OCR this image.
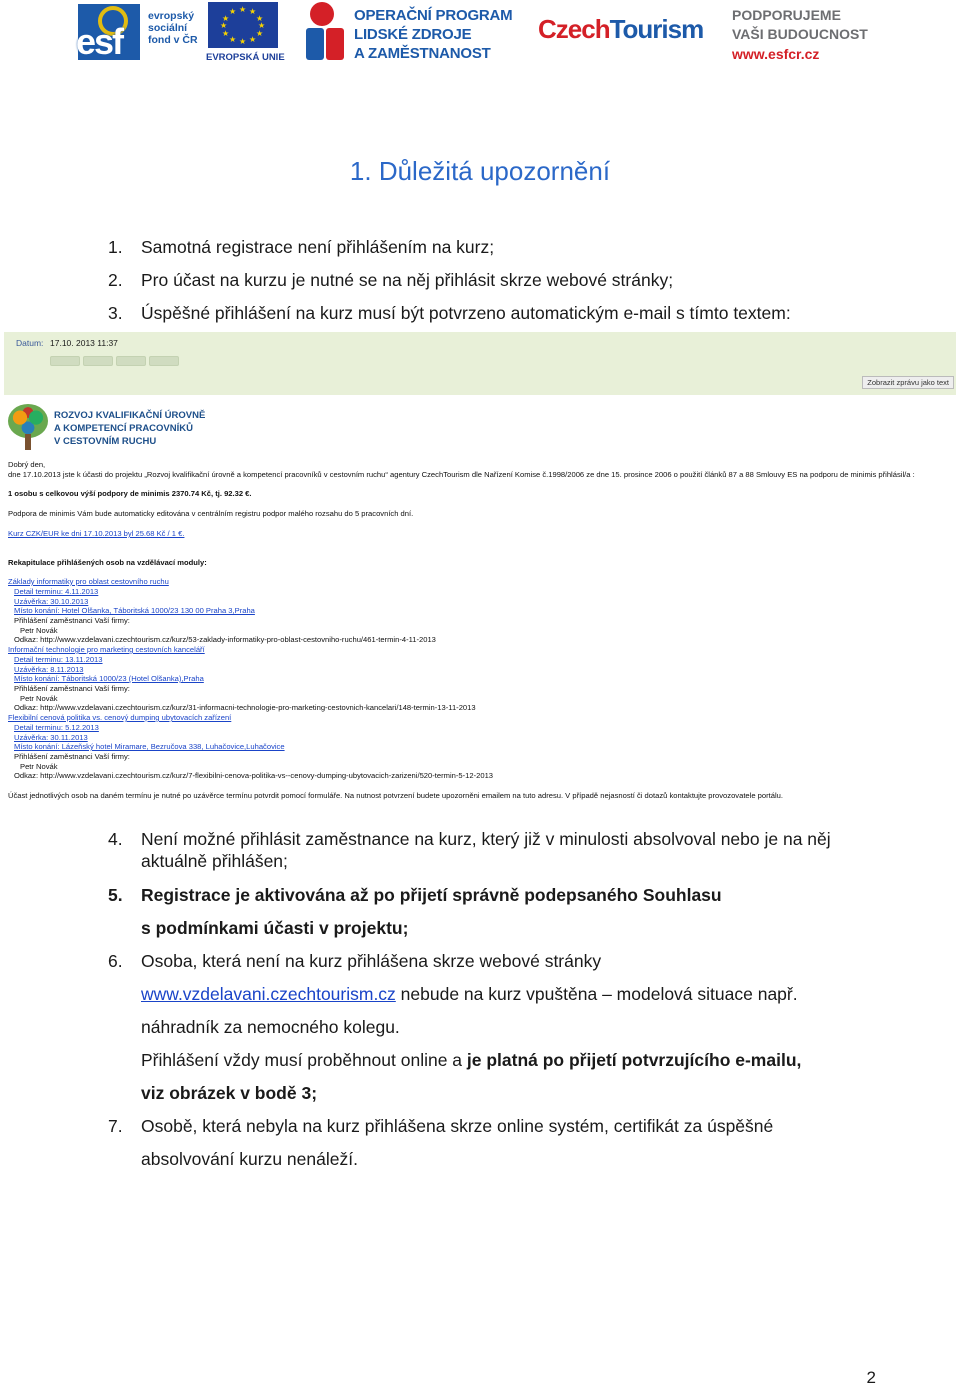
esf
evropský
sociální
fond v ČR
★ ★
★
★
★
★
★
★
★
★
★
★
EVROPSKÁ UNIE
OPERAČNÍ PROGRAM
LIDSKÉ ZDROJE
A ZAMĚSTNANOST
CzechTourism PODPORUJEME
VAŠI BUDOUCNOST
www.esfcr.cz
1. Důležitá upozornění
1. Samotná registrace není přihlášením na kurz;
2. Pro účast na kurzu je nutné se na něj přihlásit skrze webové stránky;
3. Úspěšné přihlášení na kurz musí být potvrzeno automatickým e-mail s tímto textem:
Datum: 17.10. 2013 11:37
Zobrazit zprávu jako text
ROZVOJ KVALIFIKAČNÍ ÚROVNĚ
A KOMPETENCÍ PRACOVNÍKŮ
V CESTOVNÍM RUCHU
Dobrý den,
dne 17.10.2013 jste k účasti do projektu „Rozvoj kvalifikační úrovně a kompetencí pracovníků v cestovním ruchu“ agentury CzechTourism dle Nařízení Komise č.1998/2006 ze dne 15. prosince 2006 o použití článků 87 a 88 Smlouvy ES na podporu de minimis přihlásil/a :
1 osobu s celkovou výší podpory de minimis 2370.74 Kč, tj. 92.32 €.
Podpora de minimis Vám bude automaticky editována v centrálním registru podpor malého rozsahu do 5 pracovních dní.
Kurz CZK/EUR ke dni 17.10.2013 byl 25.68 Kč / 1 €.
Rekapitulace přihlášených osob na vzdělávací moduly:
Základy informatiky pro oblast cestovního ruchu
Detail terminu: 4.11.2013
Uzávěrka: 30.10.2013
Místo konání: Hotel Olšanka, Táboritská 1000/23 130 00 Praha 3,Praha
Přihlášení zaměstnanci Vaší firmy:
Petr Novák
Odkaz: http://www.vzdelavani.czechtourism.cz/kurz/53-zaklady-informatiky-pro-oblast-cestovniho-ruchu/461-termin-4-11-2013
Informační technologie pro marketing cestovních kanceláří
Detail terminu: 13.11.2013
Uzávěrka: 8.11.2013
Místo konání: Táboritská 1000/23 (Hotel Olšanka),Praha
Přihlášení zaměstnanci Vaší firmy:
Petr Novák
Odkaz: http://www.vzdelavani.czechtourism.cz/kurz/31-informacni-technologie-pro-marketing-cestovnich-kancelari/148-termin-13-11-2013
Flexibilní cenová politika vs. cenový dumping ubytovacích zařízení
Detail terminu: 5.12.2013
Uzávěrka: 30.11.2013
Místo konání: Lázeňský hotel Miramare, Bezručova 338, Luhačovice,Luhačovice
Přihlášení zaměstnanci Vaší firmy:
Petr Novák
Odkaz: http://www.vzdelavani.czechtourism.cz/kurz/7-flexibilni-cenova-politika-vs--cenovy-dumping-ubytovacich-zarizeni/520-termin-5-12-2013
Účast jednotlivých osob na daném termínu je nutné po uzávěrce termínu potvrdit pomocí formuláře. Na nutnost potvrzení budete upozorněni emailem na tuto adresu. V případě nejasností či dotazů kontaktujte provozovatele portálu.
4. Není možné přihlásit zaměstnance na kurz, který již v minulosti absolvoval nebo je na něj aktuálně přihlášen;
5. Registrace je aktivována až po přijetí správně podepsaného Souhlasu
s podmínkami účasti v projektu;
6. Osoba, která není na kurz přihlášena skrze webové stránky
www.vzdelavani.czechtourism.cz nebude na kurz vpuštěna – modelová situace např.
náhradník za nemocného kolegu.
Přihlášení vždy musí proběhnout online a je platná po přijetí potvrzujícího e-mailu,
viz obrázek v bodě 3;
7. Osobě, která nebyla na kurz přihlášena skrze online systém, certifikát za úspěšné
absolvování kurzu nenáleží.
2
